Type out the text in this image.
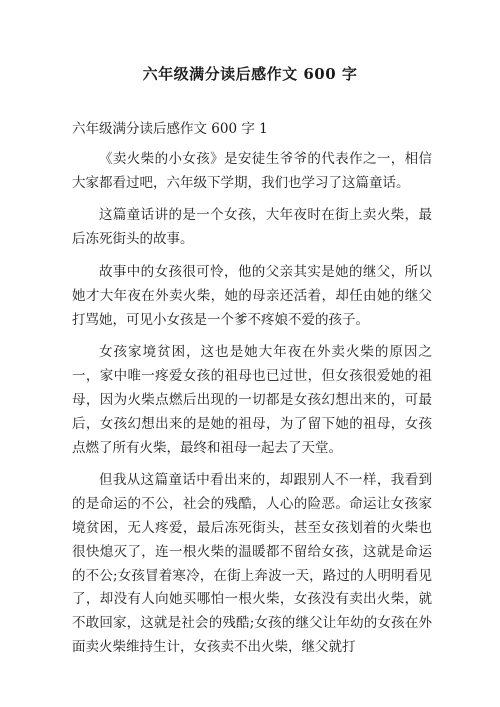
六年级满分读后感作文 600 字

六年级满分读后感作文 600 字 1

《卖火柴的小女孩》是安徒生爷爷的代表作之一，相信大家都看过吧，六年级下学期，我们也学习了这篇童话。

这篇童话讲的是一个女孩，大年夜时在街上卖火柴，最后冻死街头的故事。

故事中的女孩很可怜，他的父亲其实是她的继父，所以她才大年夜在外卖火柴，她的母亲还活着，却任由她的继父打骂她，可见小女孩是一个爹不疼娘不爱的孩子。

女孩家境贫困，这也是她大年夜在外卖火柴的原因之一，家中唯一疼爱女孩的祖母也已过世，但女孩很爱她的祖母，因为火柴点燃后出现的一切都是女孩幻想出来的，可最后，女孩幻想出来的是她的祖母，为了留下她的祖母，女孩点燃了所有火柴，最终和祖母一起去了天堂。

但我从这篇童话中看出来的，却跟别人不一样，我看到的是命运的不公，社会的残酷，人心的险恶。命运让女孩家境贫困，无人疼爱，最后冻死街头，甚至女孩划着的火柴也很快熄灭了，连一根火柴的温暖都不留给女孩，这就是命运的不公;女孩冒着寒冷，在街上奔波一天，路过的人明明看见了，却没有人向她买哪怕一根火柴，女孩没有卖出火柴，就不敢回家，这就是社会的残酷;女孩的继父让年幼的女孩在外面卖火柴维持生计，女孩卖不出火柴，继父就打
